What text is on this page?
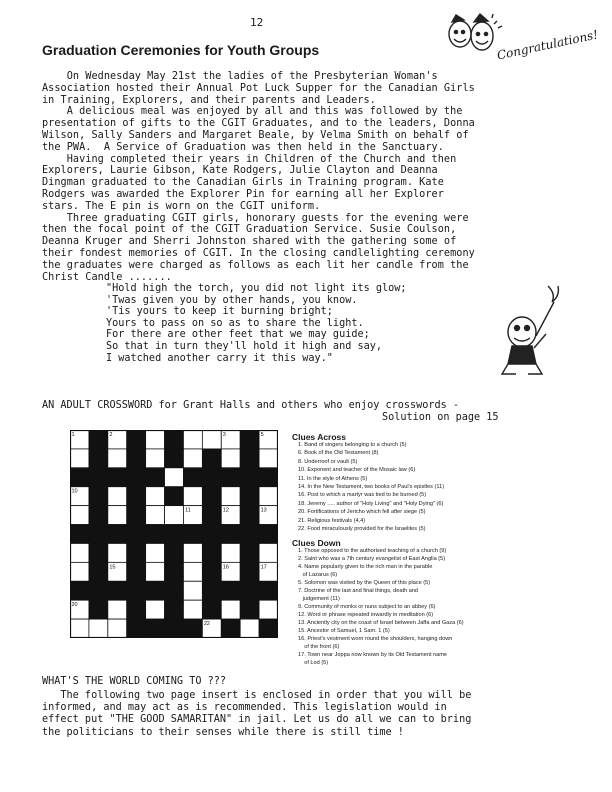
12
Graduation Ceremonies for Youth Groups	Congratulations!
On Wednesday May 21st the ladies of the Presbyterian Woman's
Association hosted their Annual Pot Luck Supper for the Canadian Girls
in Training, Explorers, and their parents and Leaders.
A delicious meal was enjoyed by all and this was followed by the
presentation of gifts to the CGIT Graduates, and to the leaders, Donna
Wilson, Sally Sanders and Margaret Beale, by Velma Smith on behalf of
the PWA.  A Service of Graduation was then held in the Sanctuary.
Having completed their years in Children of the Church and then
Explorers, Laurie Gibson, Kate Rodgers, Julie Clayton and Deanna
Dingman graduated to the Canadian Girls in Training program. Kate
Rodgers was awarded the Explorer Pin for earning all her Explorer
stars. The E pin is worn on the CGIT uniform.
Three graduating CGIT girls, honorary guests for the evening were
then the focal point of the CGIT Graduation Service. Susie Coulson,
Deanna Kruger and Sherri Johnston shared with the gathering some of
their fondest memories of CGIT. In the closing candlelighting ceremony
the graduates were charged as follows as each lit her candle from the
Christ Candle .......
"Hold high the torch, you did not light its glow;
'Twas given you by other hands, you know.
'Tis yours to keep it burning bright;
Yours to pass on so as to share the light.
For there are other feet that we may guide;
So that in turn they'll hold it high and say,
I watched another carry it this way."
AN ADULT CROSSWORD for Grant Halls and others who enjoy crosswords -
Solution on page 15
1	2	3	4	5
6	7	8	9
10
11	12	13
14
15	16	17
18	19
20
21	22
Clues Across
1. Band of singers belonging to a church (5)
6. Book of the Old Testament (8)
8. Underroof or vault (5)
10. Exponent and teacher of the Mosaic law (6)
11. In the style of Athens (5)
14. In the New Testament, two books of Paul's epistles (11)
16. Post to which a martyr was tied to be burned (5)
18. Jeremy ..... author of "Holy Living" and "Holy Dying" (6)
20. Fortifications of Jericho which fell after siege (5)
21. Religious festivals (4,4)
22. Food miraculously provided for the Israelites (5)
Clues Down
1. Those opposed to the authorised teaching of a church (9)
2. Saint who was a 7th century evangelist of East Anglia (5)
4. Name popularly given to the rich man in the parable
of Lazarus (6)
5. Solomon was visited by the Queen of this place (5)
7. Doctrine of the last and final things, death and
judgement (11)
9. Community of monks or nuns subject to an abbey (6)
12. Word or phrase repeated inwardly in meditation (6)
13. Anciently city on the coast of Israel between Jaffa and Gaza (6)
15. Ancestor of Samuel, 1 Sam. 1 (5)
16. Priest's vestment worn round the shoulders, hanging down
of the front (6)
17. Town near Joppa now known by its Old Testament name
of Lod (5)
WHAT'S THE WORLD COMING TO ???
The following two page insert is enclosed in order that you will be
informed, and may act as is recommended. This legislation would in
effect put "THE GOOD SAMARITAN" in jail. Let us do all we can to bring
the politicians to their senses while there is still time !
